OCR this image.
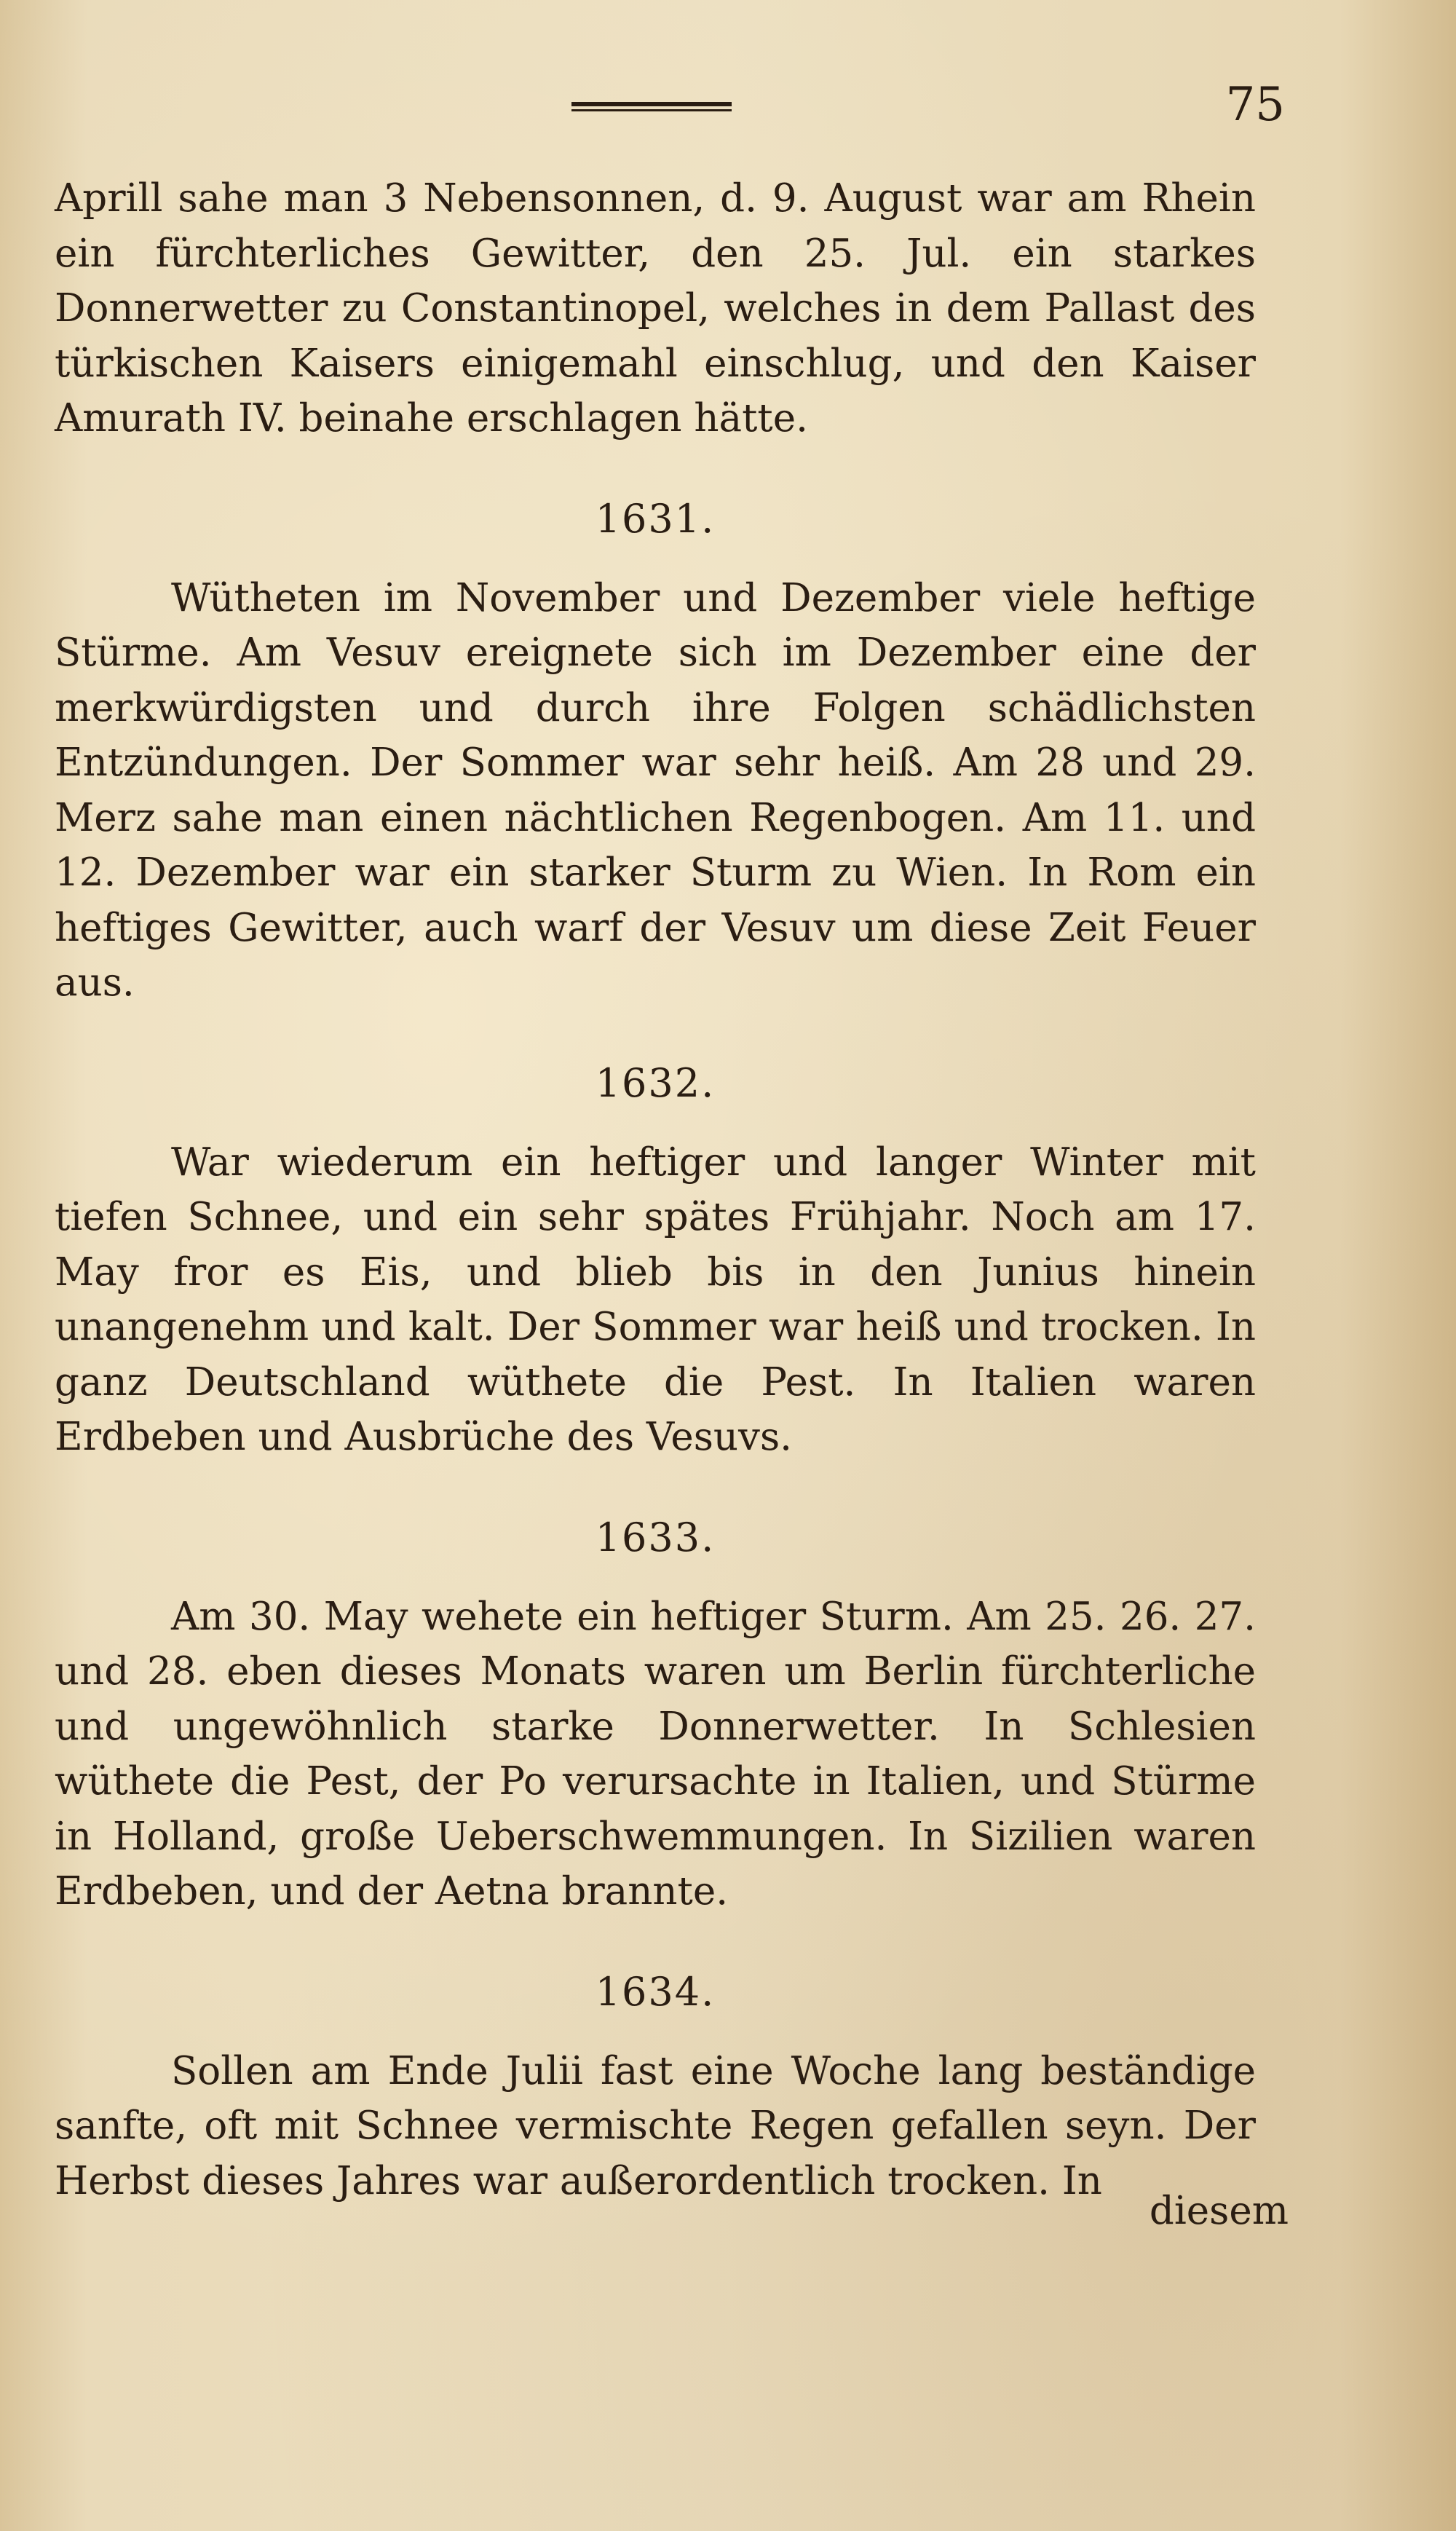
75

Aprill sahe man 3 Nebensonnen, d. 9. August war am Rhein ein fürchterliches Gewitter, den 25. Jul. ein starkes Donnerwetter zu Constantinopel, welches in dem Pallast des türkischen Kaisers einigemahl einschlug, und den Kaiser Amurath IV. beinahe erschlagen hätte.

1631.

Wütheten im November und Dezember viele heftige Stürme. Am Vesuv ereignete sich im Dezember eine der merkwürdigsten und durch ihre Folgen schädlichsten Entzündungen. Der Sommer war sehr heiß. Am 28 und 29. Merz sahe man einen nächtlichen Regenbogen. Am 11. und 12. Dezember war ein starker Sturm zu Wien. In Rom ein heftiges Gewitter, auch warf der Vesuv um diese Zeit Feuer aus.

1632.

War wiederum ein heftiger und langer Winter mit tiefen Schnee, und ein sehr spätes Frühjahr. Noch am 17. May fror es Eis, und blieb bis in den Junius hinein unangenehm und kalt. Der Sommer war heiß und trocken. In ganz Deutschland wüthete die Pest. In Italien waren Erdbeben und Ausbrüche des Vesuvs.

1633.

Am 30. May wehete ein heftiger Sturm. Am 25. 26. 27. und 28. eben dieses Monats waren um Berlin fürchterliche und ungewöhnlich starke Donnerwetter. In Schlesien wüthete die Pest, der Po verursachte in Italien, und Stürme in Holland, große Ueberschwemmungen. In Sizilien waren Erdbeben, und der Aetna brannte.

1634.

Sollen am Ende Julii fast eine Woche lang beständige sanfte, oft mit Schnee vermischte Regen gefallen seyn. Der Herbst dieses Jahres war außerordentlich trocken. In

diesem
